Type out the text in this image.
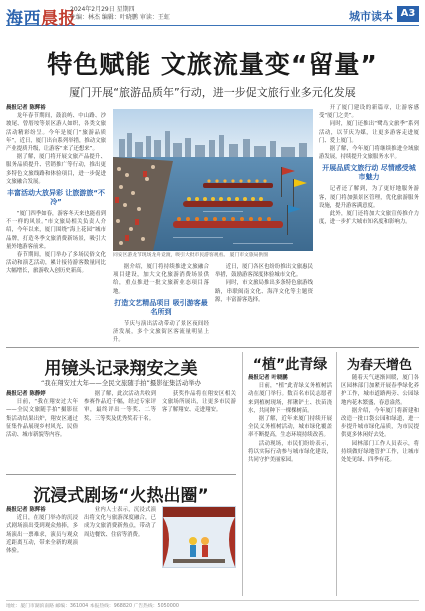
海西晨报
2024年2月29日 星期四
主编：林杰 编辑：叶晓鹏 审读：王虹	城市读本 A3
特色赋能 文旅流量变“留量”
厦门开展“旅游品质年”行动，进一步促文旅行业多元化发展

晨报记者 陈辉裕

龙年春节期间，鼓浪屿、中山路、沙坡尾、曾厝垵等景区游人如织，各类文旅活动精彩纷呈。今年是厦门“旅游品质年”，近日，厦门出台系列举措，推动文旅产业提质升级，让游客“来了还想来”。

据了解，厦门将开展文旅产品提升、服务品质提升、营销推广等行动，推出更多特色文旅线路和体验项目，进一步促进文旅融合发展。

丰富活动大放异彩 让旅游旅“不冷”

“厦门四季如春，游客冬天来也能看到不一样的风景。”市文旅局相关负责人介绍，今年以来，厦门围绕“海上花园”城市品牌，打造冬季文旅消费新场景，吸引大量外地游客前来。

春节期间，厦门举办了多场民俗文化活动和演艺活动，累计接待游客数量同比大幅增长，旅游收入创历史新高。

同安区游龙节现场龙舟竞渡，吸引大批市民游客观看。 厦门市文旅局供图

据介绍，厦门将持续推进文旅融合项目建设，加大文化旅游消费场景供给，重点推进一批文旅新业态项目落地。

打造文艺精品项目 吸引游客最名所到

节庆与演出活动带动了景区夜间经济发展，多个文旅街区客流量明显上升。

近日，厦门各区也纷纷推出文旅惠民举措，鼓励游客深度体验城市文化。

同时，市文旅局推出多条特色旅游线路，串联闽南文化、海洋文化等主题资源，丰富游客选择。

开了厦门建设的新篇章，让游客感受“厦门之美”。

同时，厦门还推出“鹭岛文旅季”系列活动，以节庆为媒，让更多游客走进厦门、爱上厦门。

据了解，今年厦门将继续推进全域旅游发展，持续提升文旅服务水平。

开展品质文旅行动 尽情感受城市魅力

记者还了解到，为了更好地服务游客，厦门将加强景区管理，优化旅游服务设施，提升游客满意度。

此外，厦门还将加大文旅宣传推介力度，进一步扩大城市知名度和影响力。

用镜头记录翔安之美
“我在翔安过大年——全民文旅随手拍”摄影征集活动举办

晨报记者 陈静婷

日前，“我在翔安过大年——全民文旅随手拍”摄影征集活动结果出炉，翔安区通过征集作品展现乡村风光、民俗活动、城市新貌等内容。

据了解，此次活动共收到参赛作品近千幅，经过专家评审，最终评出一等奖、二等奖、三等奖及优秀奖若干名。

获奖作品将在翔安区相关文旅场所展出，让更多市民游客了解翔安、走进翔安。

沉浸式剧场“火热出圈”

晨报记者 陈辉裕

近日，在厦门举办的沉浸式剧场演出受到观众热捧，多场演出一票难求，演员与观众近距离互动，带来全新的观演体验。

业内人士表示，沉浸式演出将文化与旅游深度融合，已成为文旅消费新热点，带动了周边餐饮、住宿等消费。

“植”此青绿

晨报记者 叶晓鹏

日前，“植”此青绿义务植树活动在厦门举行。数百名市民志愿者来到植树现场，挥锹铲土、扶苗浇水，共同种下一棵棵树苗。

据了解，近年来厦门持续开展全民义务植树活动，城市绿化覆盖率不断提高，生态环境持续改善。

活动现场，市民们纷纷表示，将以实际行动参与城市绿化建设，共同守护美丽家园。

为春天增色

随着天气逐渐回暖，厦门各区园林部门加紧开展春季绿化养护工作，城市道路两旁、公园绿地内花木繁盛，春意盎然。

据介绍，今年厦门将新建和改造一批口袋公园和绿道，进一步提升城市绿化品质，为市民提供更多休闲好去处。

园林部门工作人员表示，将持续做好绿地管护工作，让城市处处见绿、四季有花。

地址：厦门市湖滨南路 邮编：361004 本报热线：968820 广告热线：5050000
